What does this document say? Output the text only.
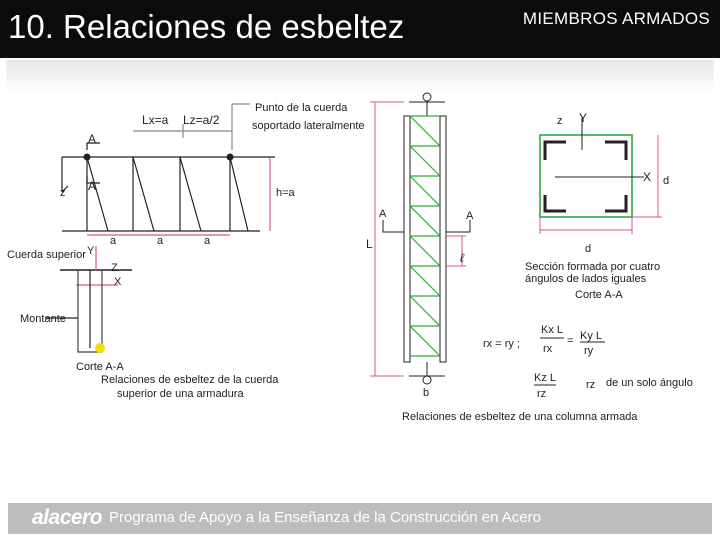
10. Relaciones de esbeltez	MIEMBROS ARMADOS
Lx=a Lz=a/2
Punto de la cuerda
soportado lateralmente
A
A	h=a
a	a	a
z
Cuerda superior Y
Z
X
Montante
Corte A-A
Relaciones de esbeltez de la cuerda
superior de una armadura
A	A
L
ℓ
b
Relaciones de esbeltez de una columna armada
z Y
X d
d
Sección formada por cuatro
ángulos de lados iguales
Corte A-A
rx = ry ;
Kx L
rx
= Ky L
ry
Kz L
rz
rz de un solo ángulo
alacero Programa de Apoyo a la Enseñanza de la Construcción en Acero
